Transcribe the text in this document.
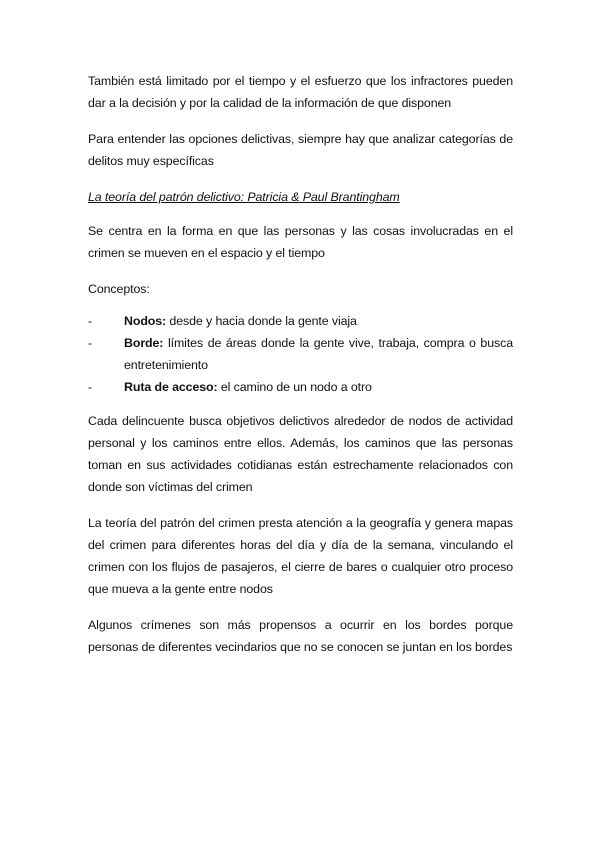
También está limitado por el tiempo y el esfuerzo que los infractores pueden dar a la decisión y por la calidad de la información de que disponen

Para entender las opciones delictivas, siempre hay que analizar categorías de delitos muy específicas

La teoría del patrón delictivo: Patricia & Paul Brantingham

Se centra en la forma en que las personas y las cosas involucradas en el crimen se mueven en el espacio y el tiempo

Conceptos:

-	Nodos: desde y hacia donde la gente viaja
-	Borde: límites de áreas donde la gente vive, trabaja, compra o busca entretenimiento
-	Ruta de acceso: el camino de un nodo a otro

Cada delincuente busca objetivos delictivos alrededor de nodos de actividad personal y los caminos entre ellos. Además, los caminos que las personas toman en sus actividades cotidianas están estrechamente relacionados con donde son víctimas del crimen

La teoría del patrón del crimen presta atención a la geografía y genera mapas del crimen para diferentes horas del día y día de la semana, vinculando el crimen con los flujos de pasajeros, el cierre de bares o cualquier otro proceso que mueva a la gente entre nodos

Algunos crímenes son más propensos a ocurrir en los bordes porque personas de diferentes vecindarios que no se conocen se juntan en los bordes
